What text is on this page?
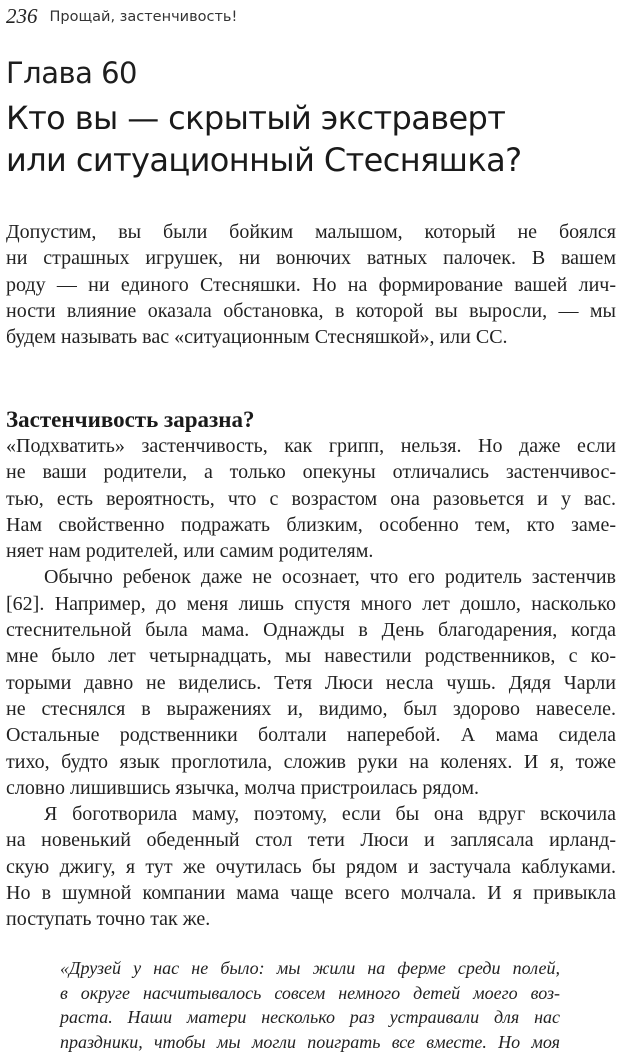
236 Прощай, застенчивость!
Глава 60
Кто вы — скрытый экстраверт
или ситуационный Стесняшка?
Допустим, вы были бойким малышом, который не боялся
ни страшных игрушек, ни вонючих ватных палочек. В вашем
роду — ни единого Стесняшки. Но на формирование вашей лич-
ности влияние оказала обстановка, в которой вы выросли, — мы
будем называть вас «ситуационным Стесняшкой», или СС.
Застенчивость заразна?
«Подхватить» застенчивость, как грипп, нельзя. Но даже если
не ваши родители, а только опекуны отличались застенчивос-
тью, есть вероятность, что с возрастом она разовьется и у вас.
Нам свойственно подражать близким, особенно тем, кто заме-
няет нам родителей, или самим родителям.
Обычно ребенок даже не осознает, что его родитель застенчив
[62]. Например, до меня лишь спустя много лет дошло, насколько
стеснительной была мама. Однажды в День благодарения, когда
мне было лет четырнадцать, мы навестили родственников, с ко-
торыми давно не виделись. Тетя Люси несла чушь. Дядя Чарли
не стеснялся в выражениях и, видимо, был здорово навеселе.
Остальные родственники болтали наперебой. А мама сидела
тихо, будто язык проглотила, сложив руки на коленях. И я, тоже
словно лишившись язычка, молча пристроилась рядом.
Я боготворила маму, поэтому, если бы она вдруг вскочила
на новенький обеденный стол тети Люси и заплясала ирланд-
скую джигу, я тут же очутилась бы рядом и застучала каблуками.
Но в шумной компании мама чаще всего молчала. И я привыкла
поступать точно так же.
«Друзей у нас не было: мы жили на ферме среди полей,
в округе насчитывалось совсем немного детей моего воз-
раста. Наши матери несколько раз устраивали для нас
праздники, чтобы мы могли поиграть все вместе. Но моя
